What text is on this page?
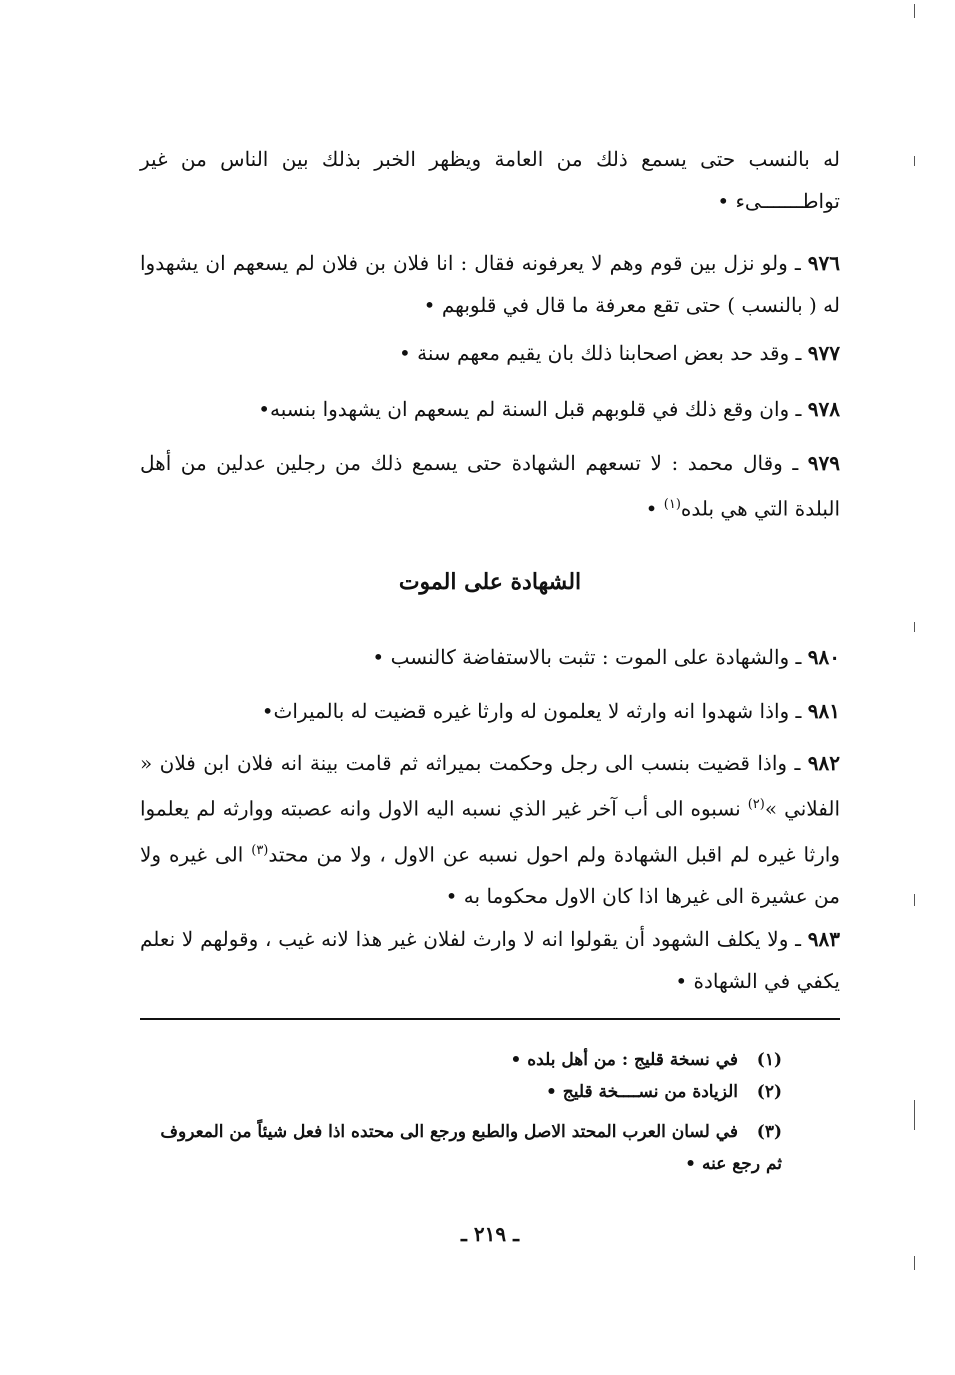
له بالنسب حتى يسمع ذلك من العامة ويظهر الخبر بذلك بين الناس من غير تواطـــــــىء •

٩٧٦ ـ ولو نزل بين قوم وهم لا يعرفونه فقال : انا فلان بن فلان لم يسعهم ان يشهدوا له ( بالنسب ) حتى تقع معرفة ما قال في قلوبهم •

٩٧٧ ـ وقد حد بعض اصحابنا ذلك بان يقيم معهم سنة •

٩٧٨ ـ وان وقع ذلك في قلوبهم قبل السنة لم يسعهم ان يشهدوا بنسبه•

٩٧٩ ـ وقال محمد : لا تسعهم الشهادة حتى يسمع ذلك من رجلين عدلين من أهل البلدة التي هي بلده$^{(١)}$ •

الشهادة على الموت

٩٨٠ ـ والشهادة على الموت : تثبت بالاستفاضة كالنسب •

٩٨١ ـ واذا شهدوا انه وارثه لا يعلمون له وارثا غيره قضيت له بالميراث•

٩٨٢ ـ واذا قضيت بنسب الى رجل وحكمت بميراثه ثم قامت بينة انه فلان ابن فلان « الفلاني »$^{(٢)}$ نسبوه الى أب آخر غير الذي نسبه اليه الاول وانه عصبته ووارثه لم يعلموا وارثا غيره لم اقبل الشهادة ولم احول نسبه عن الاول ، ولا من محتد$^{(٣)}$ الى غيره ولا من عشيرة الى غيرها اذا كان الاول محكوما به •

٩٨٣ ـ ولا يكلف الشهود أن يقولوا انه لا وارث لفلان غير هذا لانه غيب ، وقولهم لا نعلم يكفي في الشهادة •

(١)في نسخة قليج : من أهل بلده •
(٢)الزيادة من نســــخة قليج •
(٣)في لسان العرب المحتد الاصل والطبع ورجع الى محتده اذا فعل شيئاً من المعروف ثم رجع عنه •
ـ ٢١٩ ـ
